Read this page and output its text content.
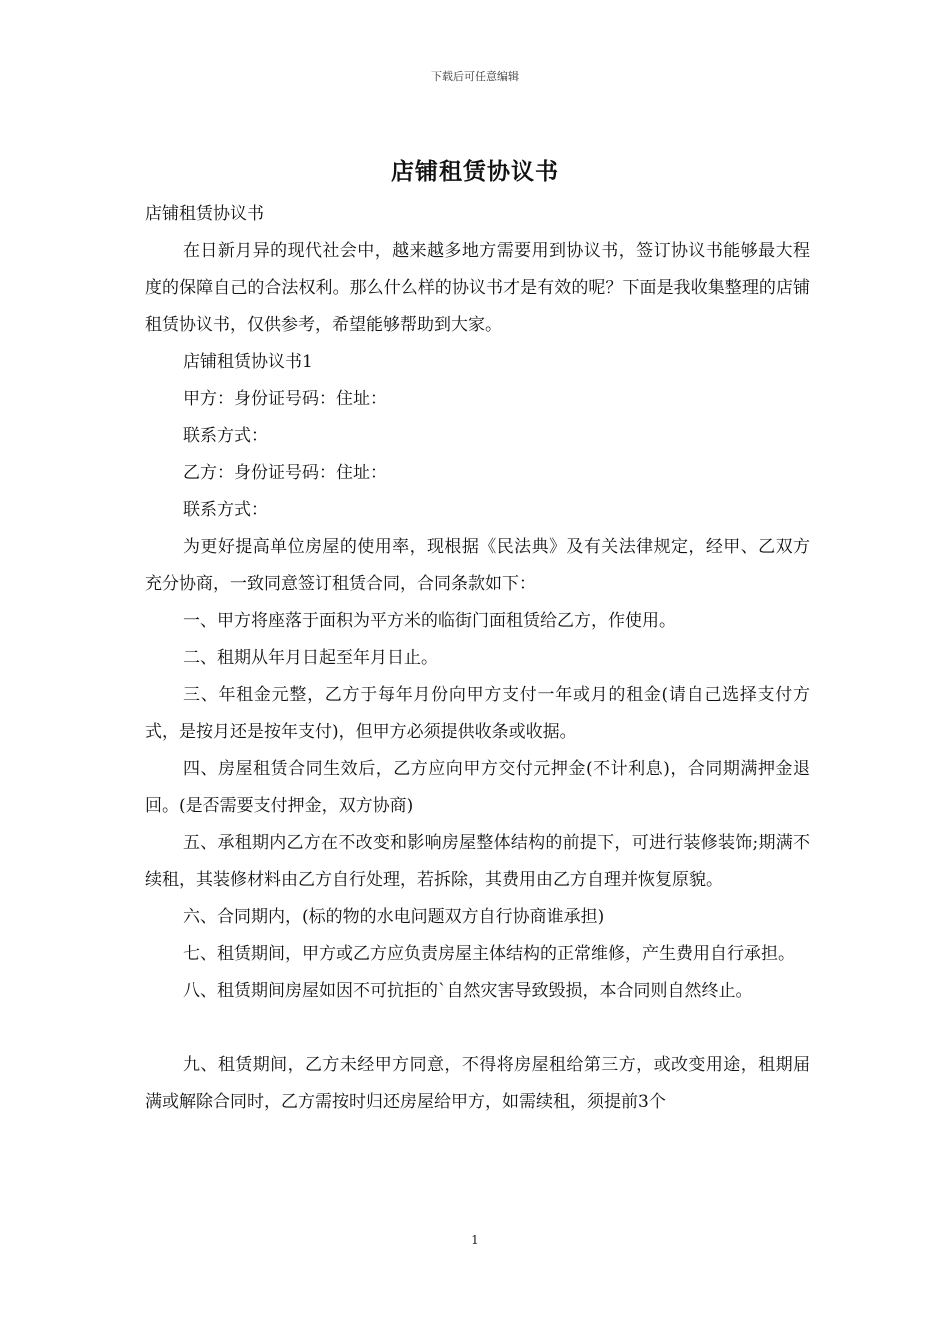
下载后可任意编辑
店铺租赁协议书

店铺租赁协议书

在日新月异的现代社会中，越来越多地方需要用到协议书，签订协议书能够最大程度的保障自己的合法权利。那么什么样的协议书才是有效的呢？下面是我收集整理的店铺租赁协议书，仅供参考，希望能够帮助到大家。

店铺租赁协议书1

甲方：身份证号码：住址：

联系方式：

乙方：身份证号码：住址：

联系方式：

为更好提高单位房屋的使用率，现根据《民法典》及有关法律规定，经甲、乙双方充分协商，一致同意签订租赁合同，合同条款如下：

一、甲方将座落于面积为平方米的临街门面租赁给乙方，作使用。

二、租期从年月日起至年月日止。

三、年租金元整，乙方于每年月份向甲方支付一年或月的租金(请自己选择支付方式，是按月还是按年支付)，但甲方必须提供收条或收据。

四、房屋租赁合同生效后，乙方应向甲方交付元押金(不计利息)，合同期满押金退回。(是否需要支付押金，双方协商)

五、承租期内乙方在不改变和影响房屋整体结构的前提下，可进行装修装饰;期满不续租，其装修材料由乙方自行处理，若拆除，其费用由乙方自理并恢复原貌。

六、合同期内，(标的物的水电问题双方自行协商谁承担)

七、租赁期间，甲方或乙方应负责房屋主体结构的正常维修，产生费用自行承担。

八、租赁期间房屋如因不可抗拒的`自然灾害导致毁损，本合同则自然终止。

九、租赁期间，乙方未经甲方同意，不得将房屋租给第三方，或改变用途，租期届满或解除合同时，乙方需按时归还房屋给甲方，如需续租，须提前3个

1
